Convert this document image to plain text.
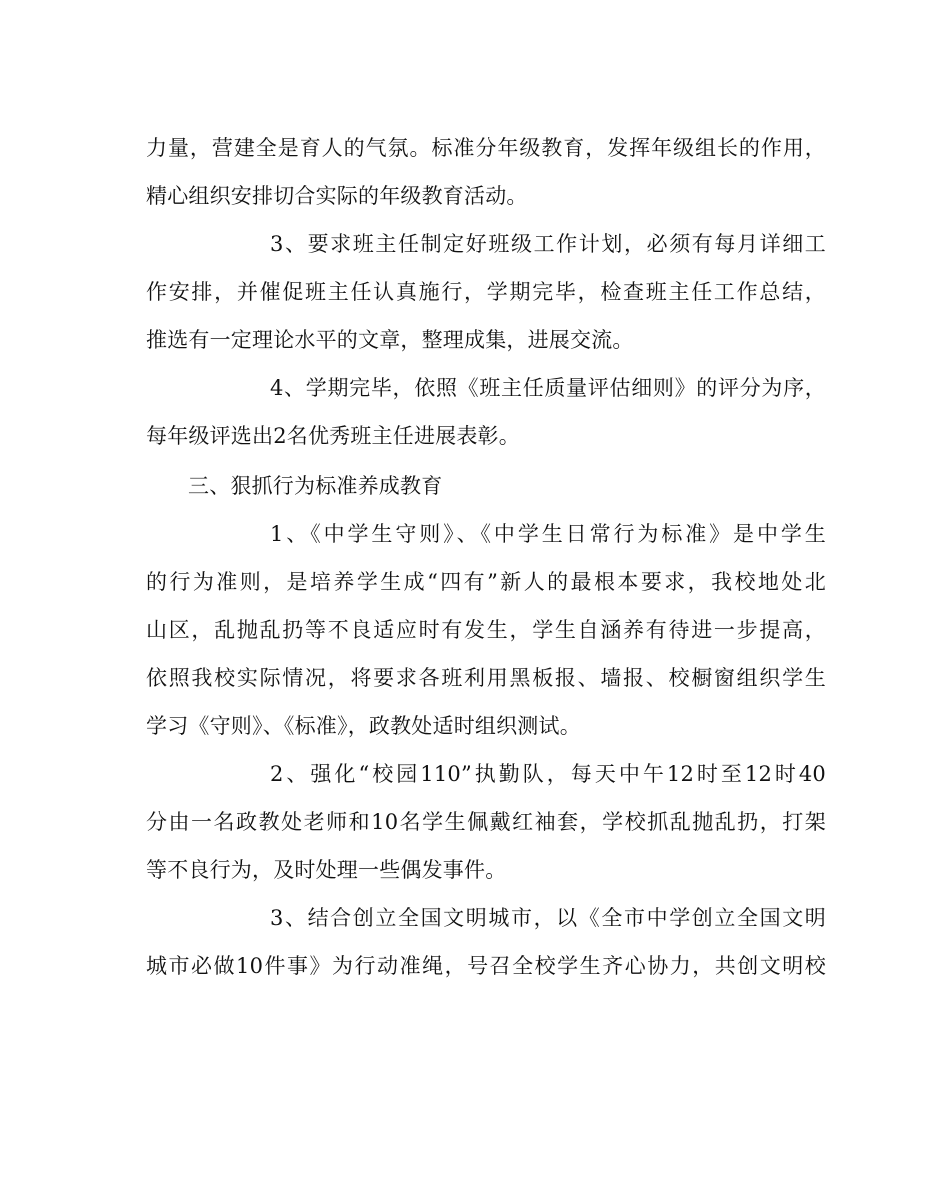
力量，营建全是育人的气氛。标准分年级教育，发挥年级组长的作用，
精心组织安排切合实际的年级教育活动。
3、要求班主任制定好班级工作计划，必须有每月详细工
作安排，并催促班主任认真施行，学期完毕，检查班主任工作总结，
推选有一定理论水平的文章，整理成集，进展交流。
4、学期完毕，依照《班主任质量评估细则》的评分为序，
每年级评选出2名优秀班主任进展表彰。
三、狠抓行为标准养成教育
1、《中学生守则》、《中学生日常行为标准》是中学生
的行为准则，是培养学生成“四有”新人的最根本要求，我校地处北
山区，乱抛乱扔等不良适应时有发生，学生自涵养有待进一步提高，
依照我校实际情况，将要求各班利用黑板报、墙报、校橱窗组织学生
学习《守则》、《标准》，政教处适时组织测试。
2、强化“校园110”执勤队，每天中午12时至12时40
分由一名政教处老师和10名学生佩戴红袖套，学校抓乱抛乱扔，打架
等不良行为，及时处理一些偶发事件。
3、结合创立全国文明城市，以《全市中学创立全国文明
城市必做10件事》为行动准绳，号召全校学生齐心协力，共创文明校
